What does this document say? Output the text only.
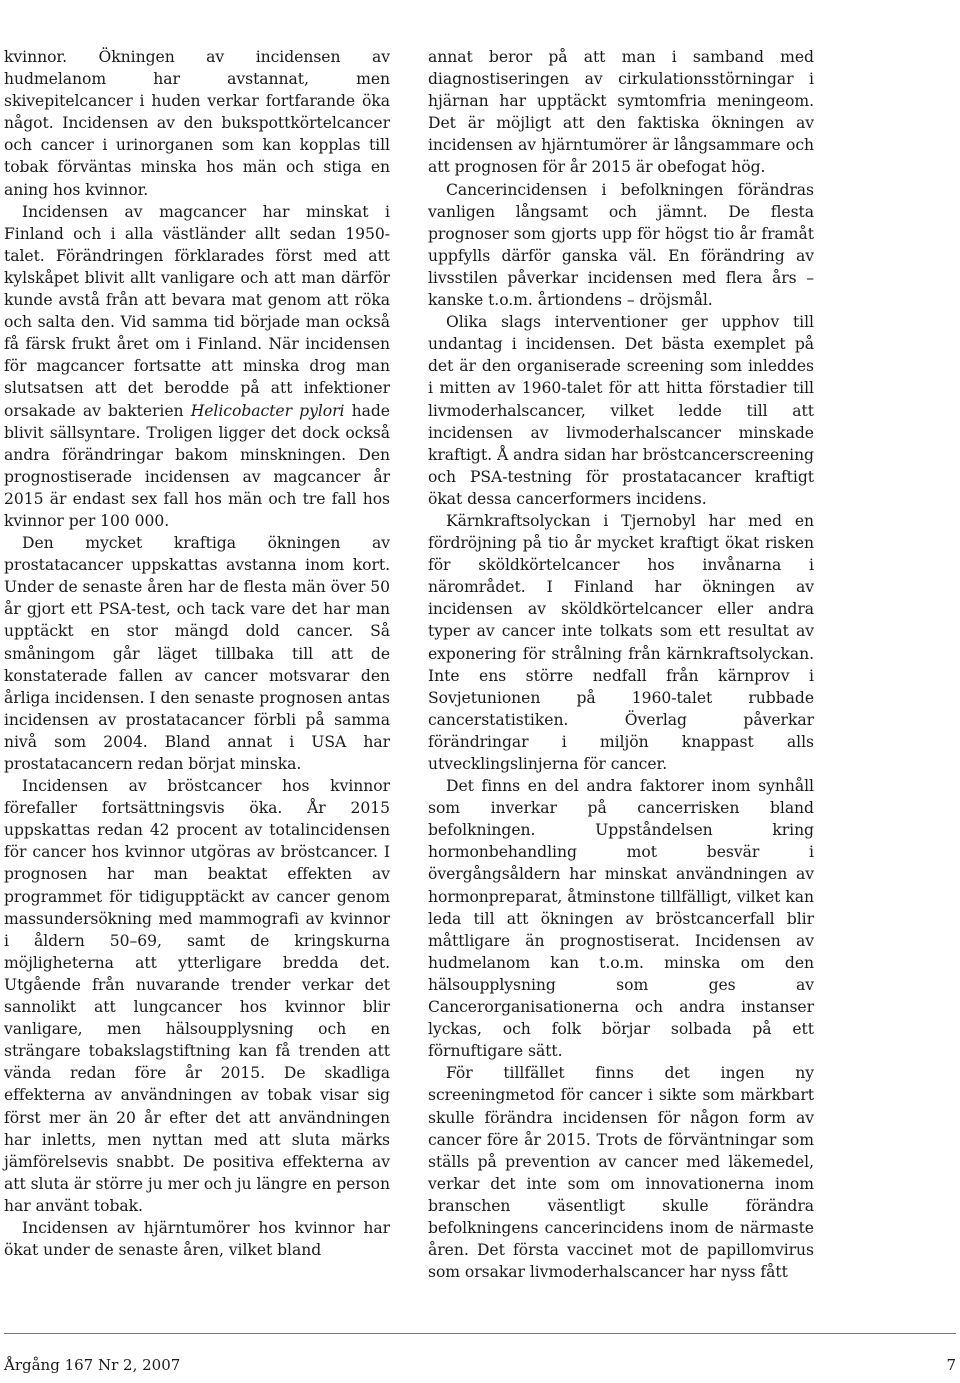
kvinnor. Ökningen av incidensen av hudmelanom har avstannat, men skivepitelcancer i huden verkar fortfarande öka något. Incidensen av den bukspottkörtelcancer och cancer i urinorganen som kan kopplas till tobak förväntas minska hos män och stiga en aning hos kvinnor.

Incidensen av magcancer har minskat i Finland och i alla västländer allt sedan 1950-talet. Förändringen förklarades först med att kylskåpet blivit allt vanligare och att man därför kunde avstå från att bevara mat genom att röka och salta den. Vid samma tid började man också få färsk frukt året om i Finland. När incidensen för magcancer fortsatte att minska drog man slutsatsen att det berodde på att infektioner orsakade av bakterien Helicobacter pylori hade blivit sällsyntare. Troligen ligger det dock också andra förändringar bakom minskningen. Den prognostiserade incidensen av magcancer år 2015 är endast sex fall hos män och tre fall hos kvinnor per 100 000.

Den mycket kraftiga ökningen av prostatacancer uppskattas avstanna inom kort. Under de senaste åren har de flesta män över 50 år gjort ett PSA-test, och tack vare det har man upptäckt en stor mängd dold cancer. Så småningom går läget tillbaka till att de konstaterade fallen av cancer motsvarar den årliga incidensen. I den senaste prognosen antas incidensen av prostatacancer förbli på samma nivå som 2004. Bland annat i USA har prostatacancern redan börjat minska.

Incidensen av bröstcancer hos kvinnor förefaller fortsättningsvis öka. År 2015 uppskattas redan 42 procent av totalincidensen för cancer hos kvinnor utgöras av bröstcancer. I prognosen har man beaktat effekten av programmet för tidigupptäckt av cancer genom massundersökning med mammografi av kvinnor i åldern 50–69, samt de kringskurna möjligheterna att ytterligare bredda det. Utgående från nuvarande trender verkar det sannolikt att lungcancer hos kvinnor blir vanligare, men hälsoupplysning och en strängare tobakslagstiftning kan få trenden att vända redan före år 2015. De skadliga effekterna av användningen av tobak visar sig först mer än 20 år efter det att användningen har inletts, men nyttan med att sluta märks jämförelsevis snabbt. De positiva effekterna av att sluta är större ju mer och ju längre en person har använt tobak.

Incidensen av hjärntumörer hos kvinnor har ökat under de senaste åren, vilket bland

annat beror på att man i samband med diagnostiseringen av cirkulationsstörningar i hjärnan har upptäckt symtomfria meningeom. Det är möjligt att den faktiska ökningen av incidensen av hjärntumörer är långsammare och att prognosen för år 2015 är obefogat hög.

Cancerincidensen i befolkningen förändras vanligen långsamt och jämnt. De flesta prognoser som gjorts upp för högst tio år framåt uppfylls därför ganska väl. En förändring av livsstilen påverkar incidensen med flera års – kanske t.o.m. årtiondens – dröjsmål.

Olika slags interventioner ger upphov till undantag i incidensen. Det bästa exemplet på det är den organiserade screening som inleddes i mitten av 1960-talet för att hitta förstadier till livmoderhalscancer, vilket ledde till att incidensen av livmoderhalscancer minskade kraftigt. Å andra sidan har bröstcancerscreening och PSA-testning för prostatacancer kraftigt ökat dessa cancerformers incidens.

Kärnkraftsolyckan i Tjernobyl har med en fördröjning på tio år mycket kraftigt ökat risken för sköldkörtelcancer hos invånarna i närområdet. I Finland har ökningen av incidensen av sköldkörtelcancer eller andra typer av cancer inte tolkats som ett resultat av exponering för strålning från kärnkraftsolyckan. Inte ens större nedfall från kärnprov i Sovjetunionen på 1960-talet rubbade cancerstatistiken. Överlag påverkar förändringar i miljön knappast alls utvecklingslinjerna för cancer.

Det finns en del andra faktorer inom synhåll som inverkar på cancerrisken bland befolkningen. Uppståndelsen kring hormonbehandling mot besvär i övergångsåldern har minskat användningen av hormonpreparat, åtminstone tillfälligt, vilket kan leda till att ökningen av bröstcancerfall blir måttligare än prognostiserat. Incidensen av hudmelanom kan t.o.m. minska om den hälsoupplysning som ges av Cancerorganisationerna och andra instanser lyckas, och folk börjar solbada på ett förnuftigare sätt.

För tillfället finns det ingen ny screeningmetod för cancer i sikte som märkbart skulle förändra incidensen för någon form av cancer före år 2015. Trots de förväntningar som ställs på prevention av cancer med läkemedel, verkar det inte som om innovationerna inom branschen väsentligt skulle förändra befolkningens cancerincidens inom de närmaste åren. Det första vaccinet mot de papillomvirus som orsakar livmoderhalscancer har nyss fått

Årgång 167 Nr 2, 2007	7
